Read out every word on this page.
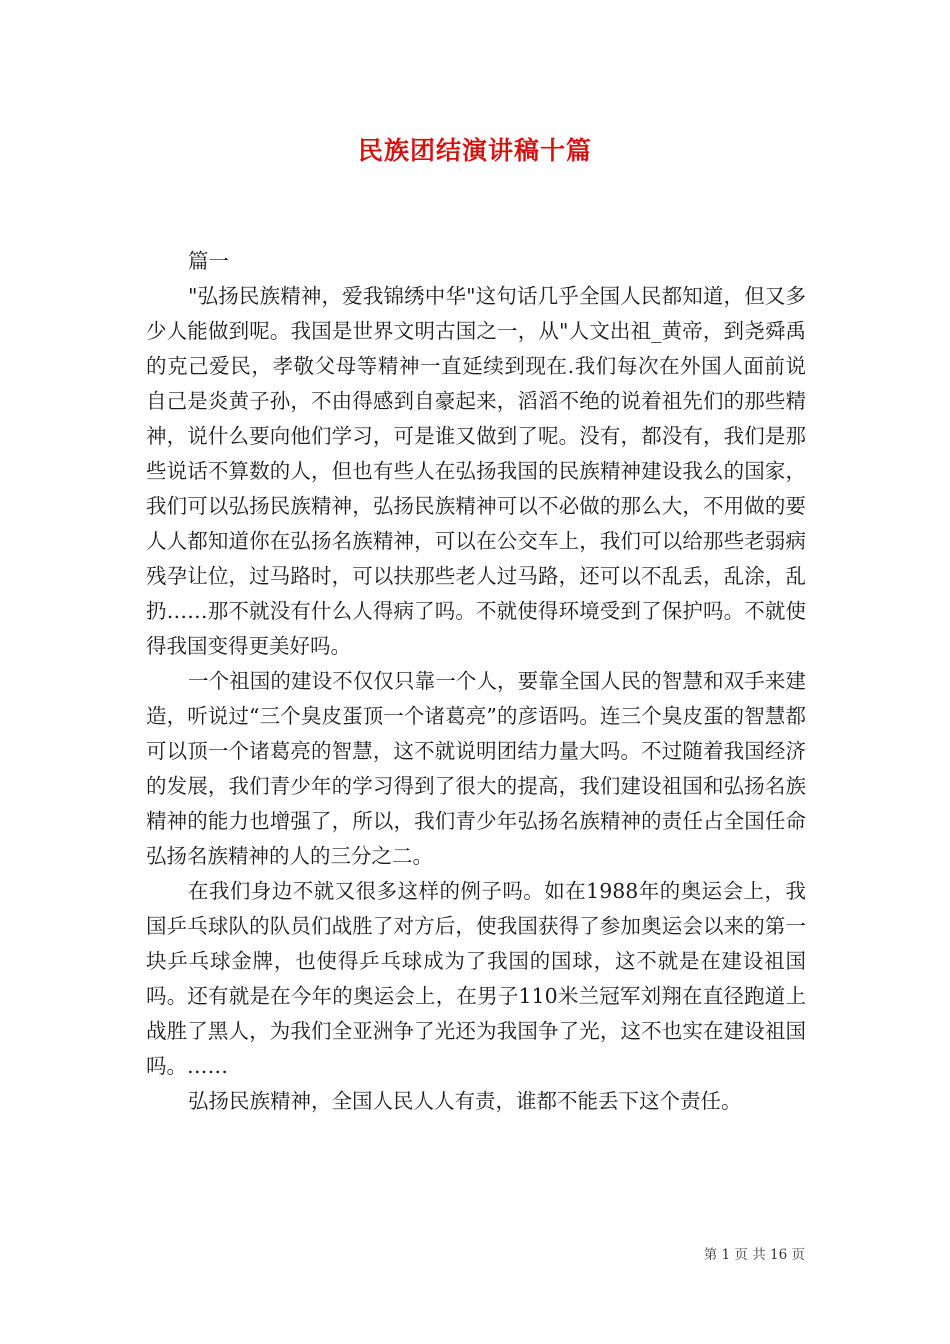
民族团结演讲稿十篇

篇一

"弘扬民族精神，爱我锦绣中华"这句话几乎全国人民都知道，但又多少人能做到呢。我国是世界文明古国之一，从"人文出祖_黄帝，到尧舜禹的克己爱民，孝敬父母等精神一直延续到现在.我们每次在外国人面前说自己是炎黄子孙，不由得感到自豪起来，滔滔不绝的说着祖先们的那些精神，说什么要向他们学习，可是谁又做到了呢。没有，都没有，我们是那些说话不算数的人，但也有些人在弘扬我国的民族精神建设我么的国家，我们可以弘扬民族精神，弘扬民族精神可以不必做的那么大，不用做的要人人都知道你在弘扬名族精神，可以在公交车上，我们可以给那些老弱病残孕让位，过马路时，可以扶那些老人过马路，还可以不乱丢，乱涂，乱扔……那不就没有什么人得病了吗。不就使得环境受到了保护吗。不就使得我国变得更美好吗。

一个祖国的建设不仅仅只靠一个人，要靠全国人民的智慧和双手来建造，听说过“三个臭皮蛋顶一个诸葛亮”的彦语吗。连三个臭皮蛋的智慧都可以顶一个诸葛亮的智慧，这不就说明团结力量大吗。不过随着我国经济的发展，我们青少年的学习得到了很大的提高，我们建设祖国和弘扬名族精神的能力也增强了，所以，我们青少年弘扬名族精神的责任占全国任命弘扬名族精神的人的三分之二。

在我们身边不就又很多这样的例子吗。如在1988年的奥运会上，我国乒乓球队的队员们战胜了对方后，使我国获得了参加奥运会以来的第一块乒乓球金牌，也使得乒乓球成为了我国的国球，这不就是在建设祖国吗。还有就是在今年的奥运会上，在男子110米兰冠军刘翔在直径跑道上战胜了黑人，为我们全亚洲争了光还为我国争了光，这不也实在建设祖国吗。……

弘扬民族精神，全国人民人人有责，谁都不能丢下这个责任。

第 1 页 共 16 页
